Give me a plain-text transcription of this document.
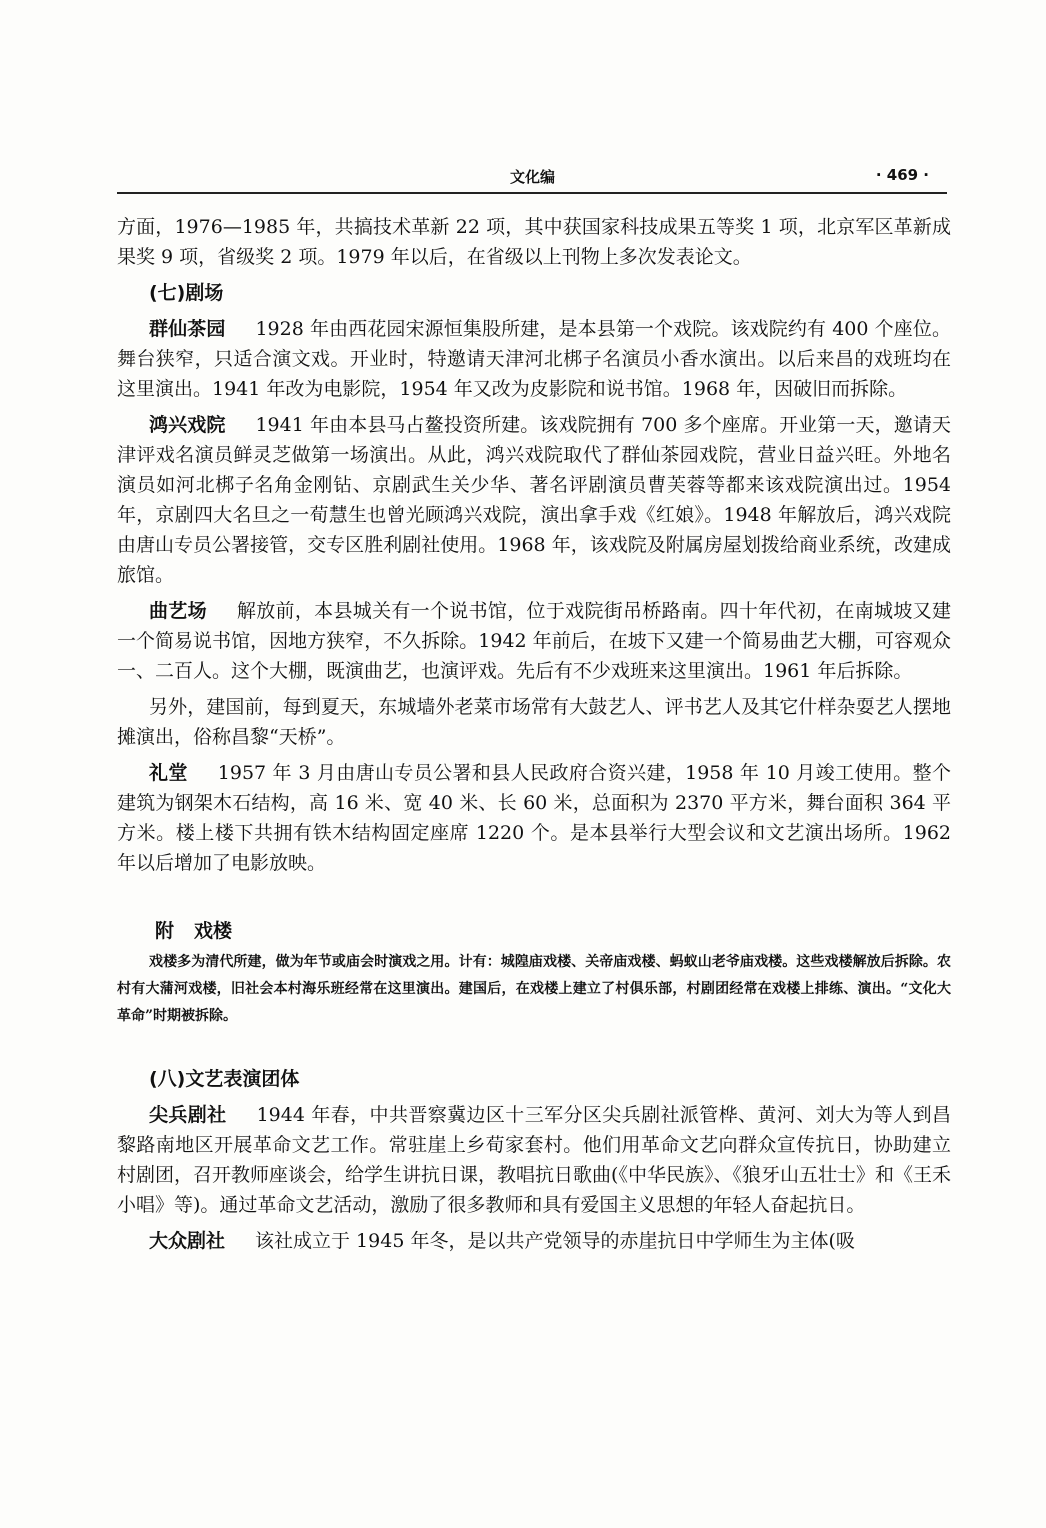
文化编	· 469 ·

方面，1976—1985 年，共搞技术革新 22 项，其中获国家科技成果五等奖 1 项，北京军区革新成果奖 9 项，省级奖 2 项。1979 年以后，在省级以上刊物上多次发表论文。

(七)剧场

群仙茶园 1928 年由西花园宋源恒集股所建，是本县第一个戏院。该戏院约有 400 个座位。舞台狭窄，只适合演文戏。开业时，特邀请天津河北梆子名演员小香水演出。以后来昌的戏班均在这里演出。1941 年改为电影院，1954 年又改为皮影院和说书馆。1968 年，因破旧而拆除。

鸿兴戏院 1941 年由本县马占鳌投资所建。该戏院拥有 700 多个座席。开业第一天，邀请天津评戏名演员鲜灵芝做第一场演出。从此，鸿兴戏院取代了群仙茶园戏院，营业日益兴旺。外地名演员如河北梆子名角金刚钻、京剧武生关少华、著名评剧演员曹芙蓉等都来该戏院演出过。1954 年，京剧四大名旦之一荀慧生也曾光顾鸿兴戏院，演出拿手戏《红娘》。1948 年解放后，鸿兴戏院由唐山专员公署接管，交专区胜利剧社使用。1968 年，该戏院及附属房屋划拨给商业系统，改建成旅馆。

曲艺场 解放前，本县城关有一个说书馆，位于戏院街吊桥路南。四十年代初，在南城坡又建一个简易说书馆，因地方狭窄，不久拆除。1942 年前后，在坡下又建一个简易曲艺大棚，可容观众一、二百人。这个大棚，既演曲艺，也演评戏。先后有不少戏班来这里演出。1961 年后拆除。

另外，建国前，每到夏天，东城墙外老菜市场常有大鼓艺人、评书艺人及其它什样杂耍艺人摆地摊演出，俗称昌黎“天桥”。

礼堂 1957 年 3 月由唐山专员公署和县人民政府合资兴建，1958 年 10 月竣工使用。整个建筑为钢架木石结构，高 16 米、宽 40 米、长 60 米，总面积为 2370 平方米，舞台面积 364 平方米。楼上楼下共拥有铁木结构固定座席 1220 个。是本县举行大型会议和文艺演出场所。1962 年以后增加了电影放映。

附 戏楼

戏楼多为清代所建，做为年节或庙会时演戏之用。计有：城隍庙戏楼、关帝庙戏楼、蚂蚁山老爷庙戏楼。这些戏楼解放后拆除。农村有大蒲河戏楼，旧社会本村海乐班经常在这里演出。建国后，在戏楼上建立了村俱乐部，村剧团经常在戏楼上排练、演出。“文化大革命”时期被拆除。

(八)文艺表演团体

尖兵剧社 1944 年春，中共晋察冀边区十三军分区尖兵剧社派管桦、黄河、刘大为等人到昌黎路南地区开展革命文艺工作。常驻崖上乡荀家套村。他们用革命文艺向群众宣传抗日，协助建立村剧团，召开教师座谈会，给学生讲抗日课，教唱抗日歌曲(《中华民族》、《狼牙山五壮士》和《王禾小唱》等)。通过革命文艺活动，激励了很多教师和具有爱国主义思想的年轻人奋起抗日。

大众剧社 该社成立于 1945 年冬，是以共产党领导的赤崖抗日中学师生为主体(吸
